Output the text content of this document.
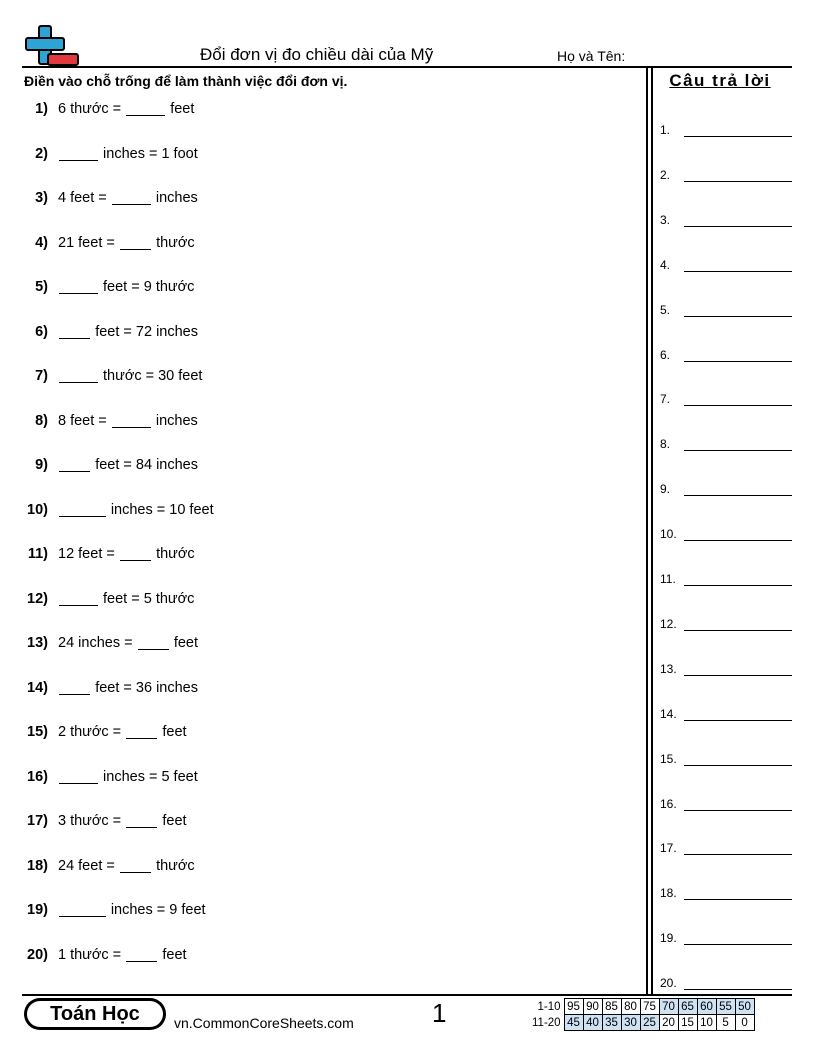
Đổi đơn vị đo chiều dài của Mỹ	Họ và Tên:
Điền vào chỗ trống để làm thành việc đổi đơn vị.	Câu trả lời
1) 6 thước =	feet
2)	inches = 1 foot
3) 4 feet =	inches
4) 21 feet =  thước
5)	feet = 9 thước
6)	feet = 72 inches
7)	thước = 30 feet
8) 8 feet =	inches
9)	feet = 84 inches
10)	inches = 10 feet
11) 12 feet =  thước
12)	feet = 5 thước
13) 24 inches =  feet
14)	feet = 36 inches
15) 2 thước =  feet
16)	inches = 5 feet
17) 3 thước =  feet
18) 24 feet =  thước
19)	inches = 9 feet
20) 1 thước =  feet
1.
2.
3.
4.
5.
6.
7.
8.
9.
10.
11.
12.
13.
14.
15.
16.
17.
18.
19.
20.
Toán Học	vn.CommonCoreSheets.com	1	1-10	95	90	85	80	75	70	65	60	55	50
11-20	45	40	35	30	25	20	15	10	5	0
